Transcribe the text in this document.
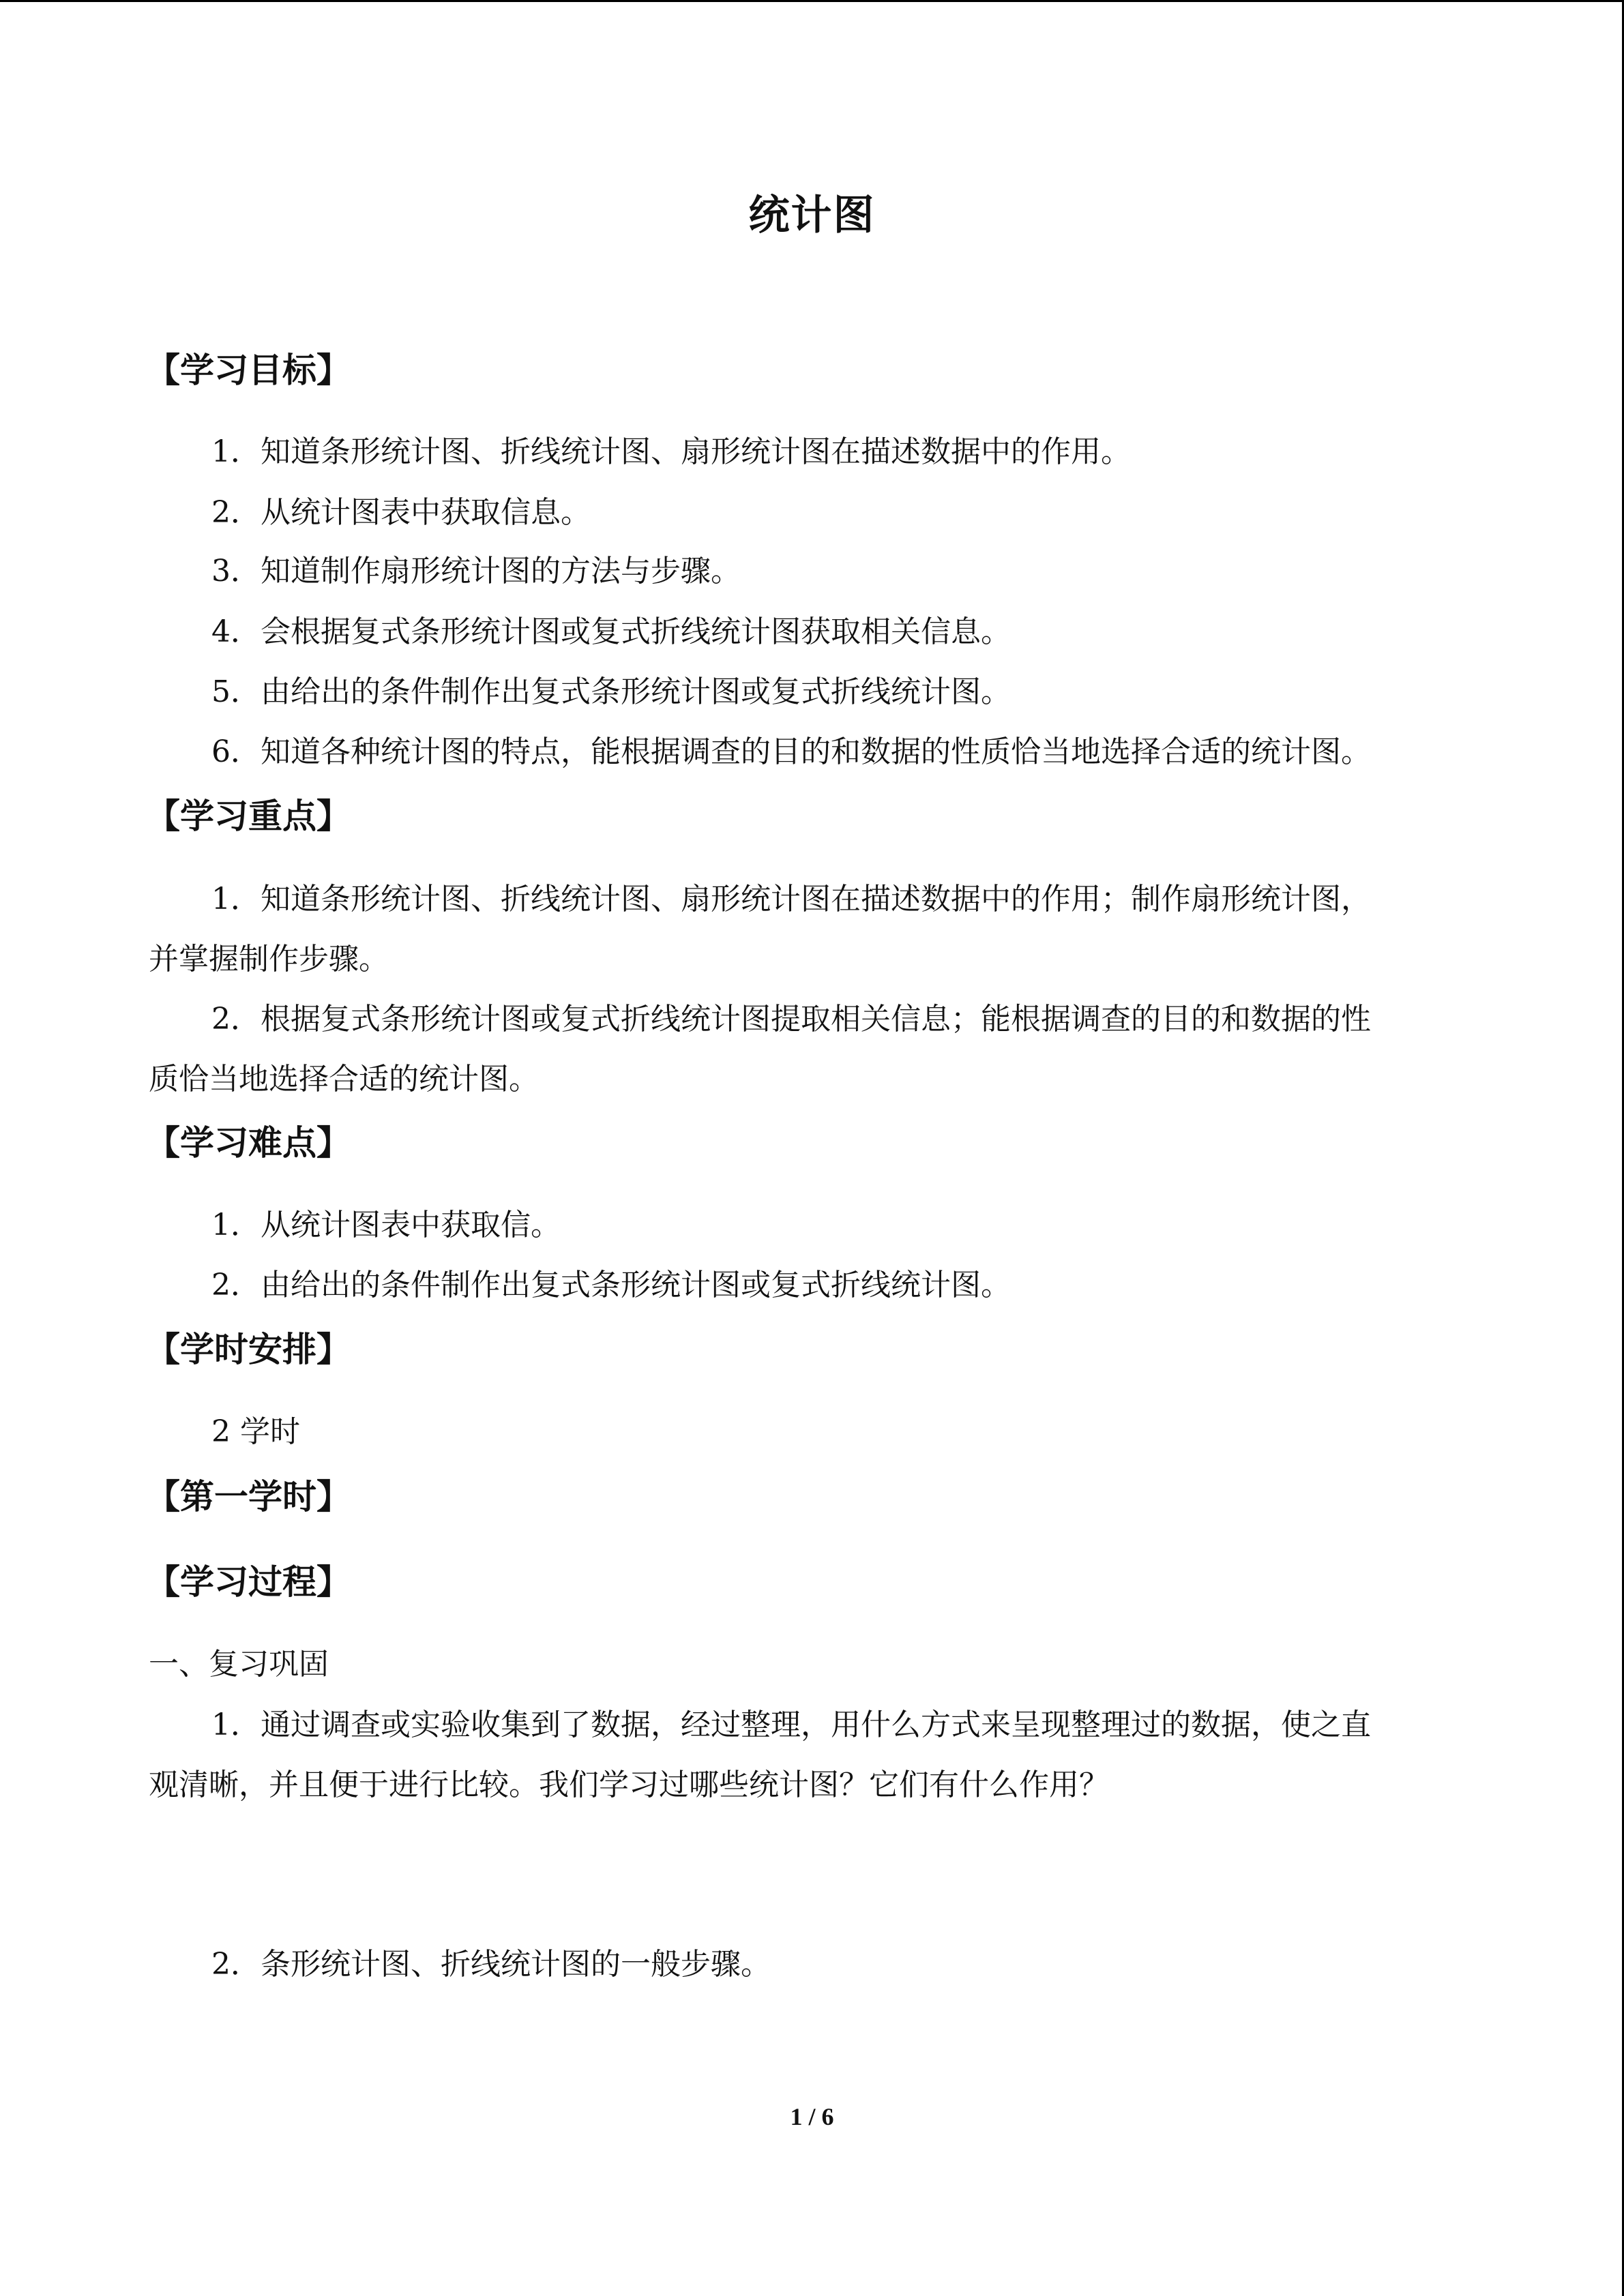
统计图
【学习目标】
1．知道条形统计图、折线统计图、扇形统计图在描述数据中的作用。
2．从统计图表中获取信息。
3．知道制作扇形统计图的方法与步骤。
4．会根据复式条形统计图或复式折线统计图获取相关信息。
5．由给出的条件制作出复式条形统计图或复式折线统计图。
6．知道各种统计图的特点，能根据调查的目的和数据的性质恰当地选择合适的统计图。
【学习重点】
1．知道条形统计图、折线统计图、扇形统计图在描述数据中的作用；制作扇形统计图，
并掌握制作步骤。
2．根据复式条形统计图或复式折线统计图提取相关信息；能根据调查的目的和数据的性
质恰当地选择合适的统计图。
【学习难点】
1．从统计图表中获取信。
2．由给出的条件制作出复式条形统计图或复式折线统计图。
【学时安排】
2 学时
【第一学时】
【学习过程】
一、复习巩固
1．通过调查或实验收集到了数据，经过整理，用什么方式来呈现整理过的数据，使之直
观清晰，并且便于进行比较。我们学习过哪些统计图？它们有什么作用？
2．条形统计图、折线统计图的一般步骤。
1 / 6
